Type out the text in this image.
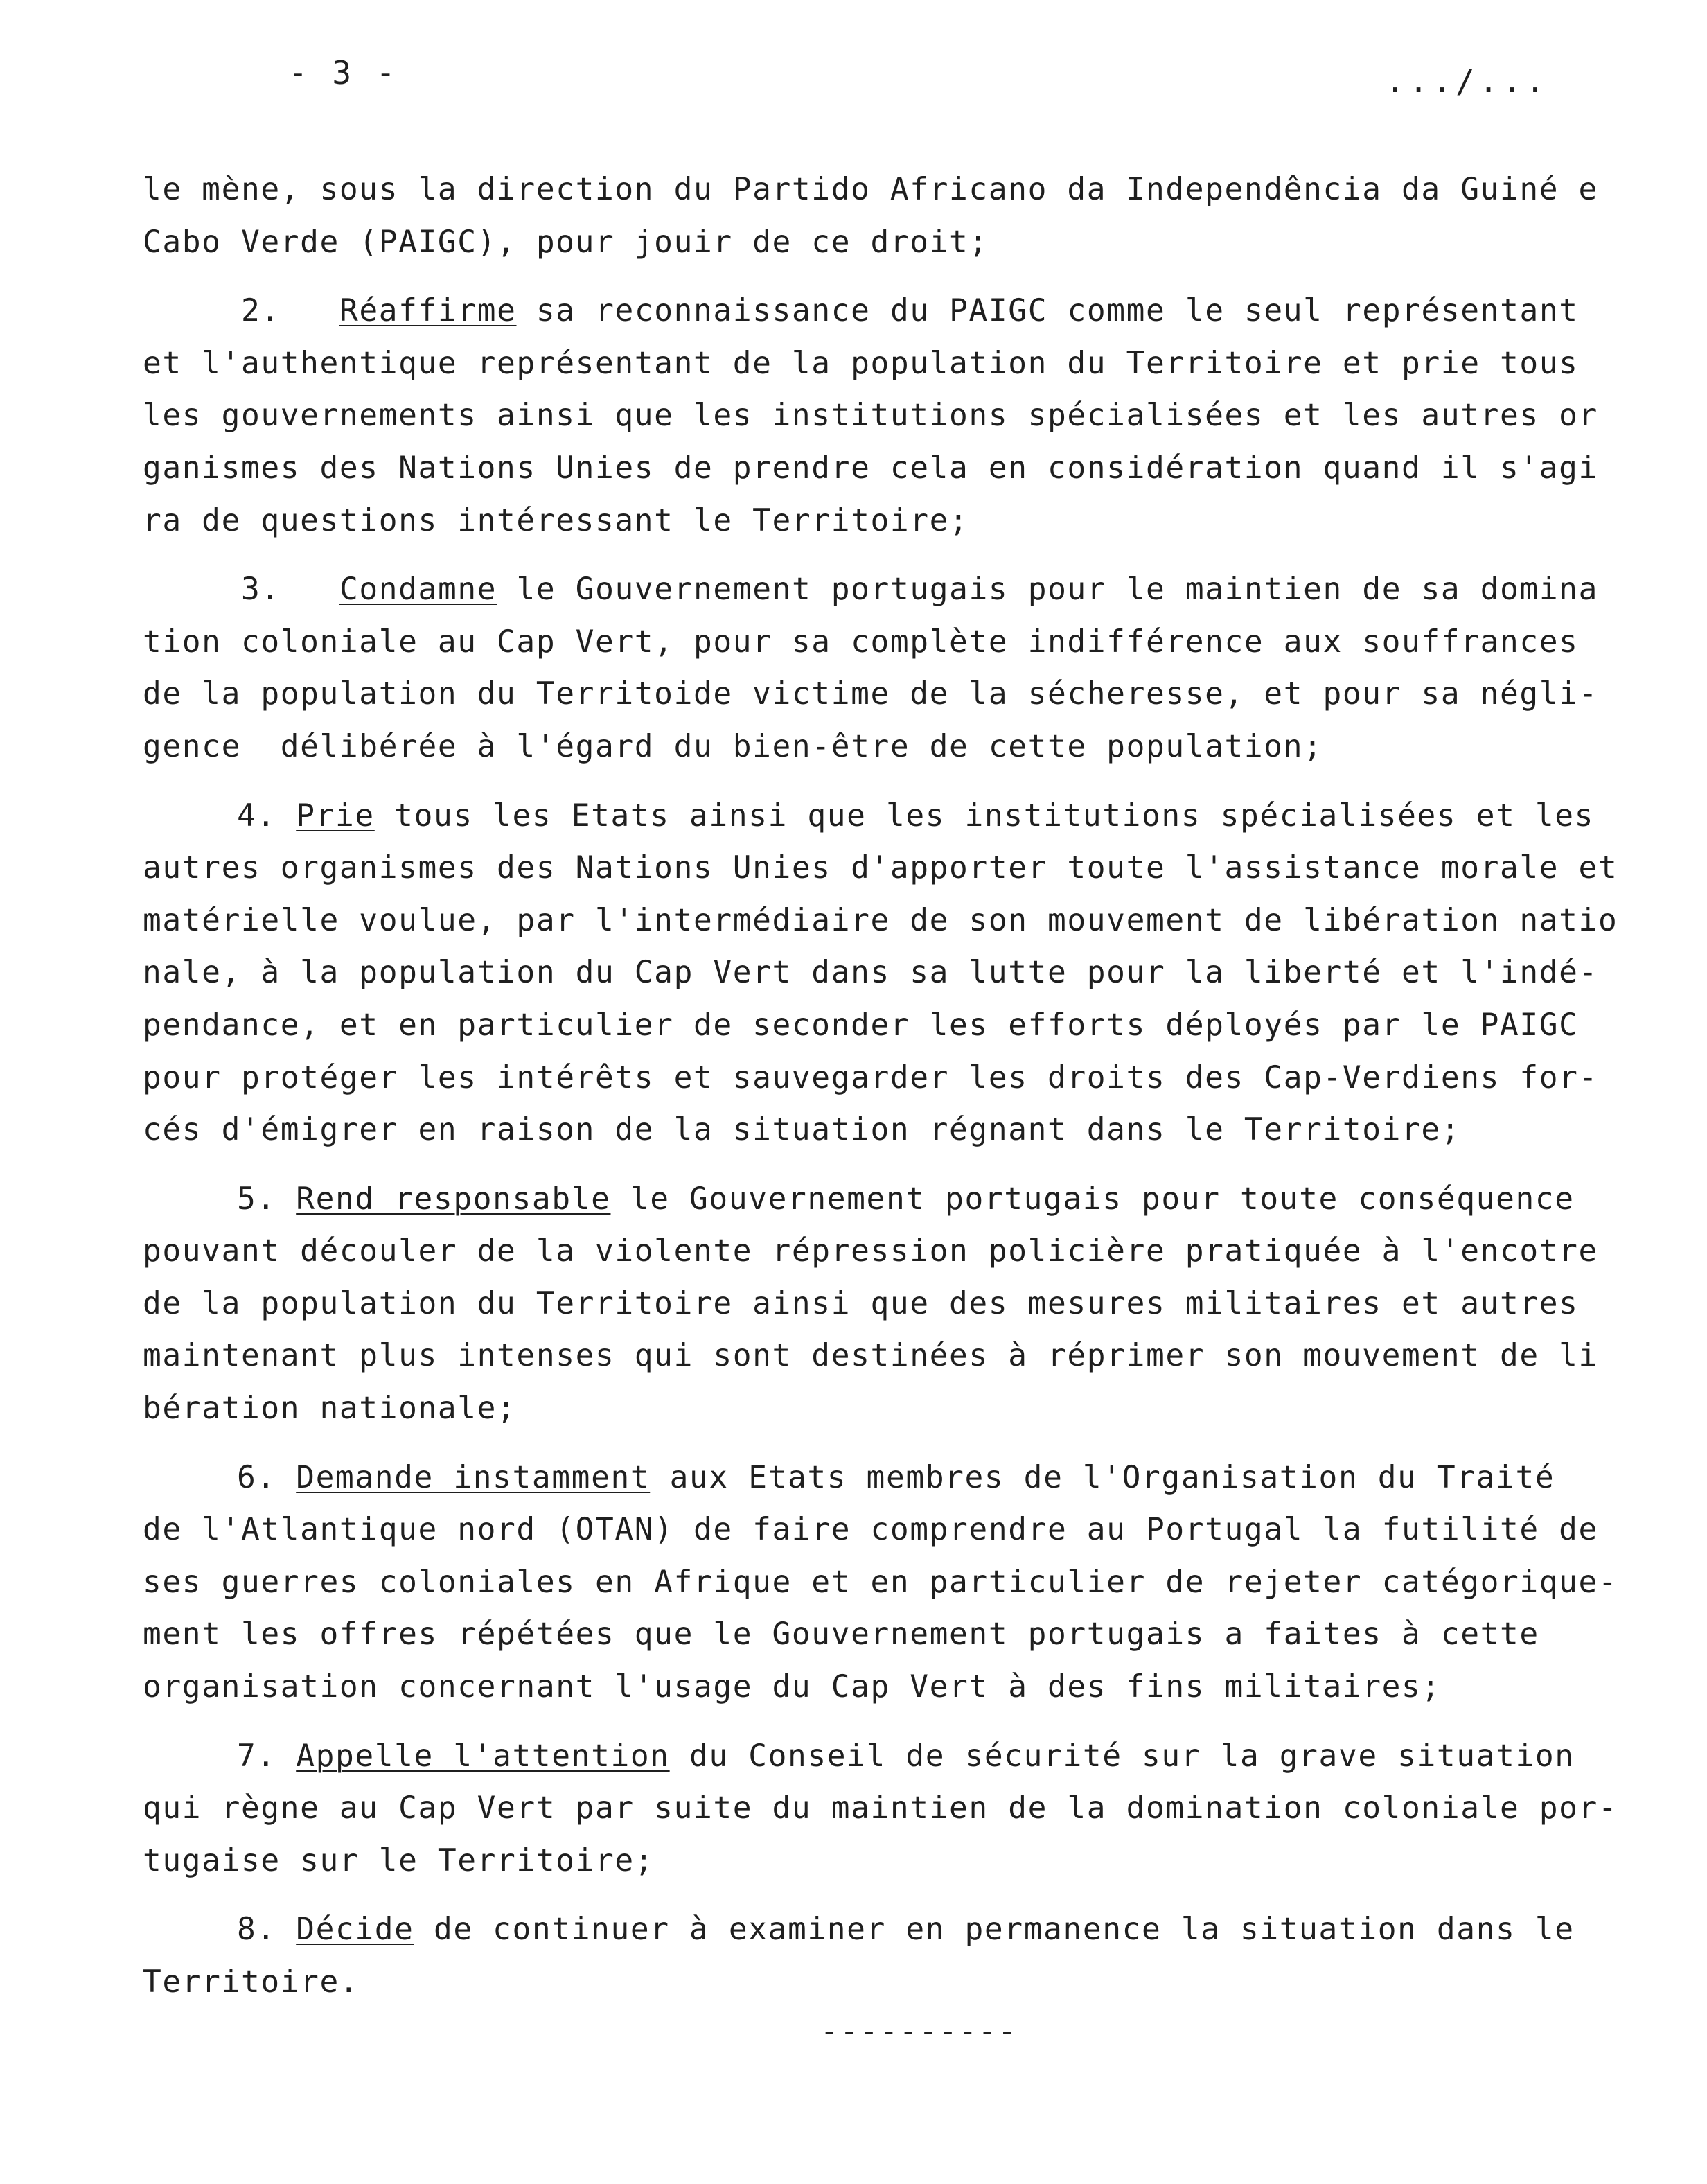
- 3 -	.../...
le mène, sous la direction du Partido Africano da Independência da Guiné e
Cabo Verde (PAIGC), pour jouir de ce droit;
2. Réaffirme sa reconnaissance du PAIGC comme le seul représentant
et l'authentique représentant de la population du Territoire et prie tous
les gouvernements ainsi que les institutions spécialisées et les autres or
ganismes des Nations Unies de prendre cela en considération quand il s'agi
ra de questions intéressant le Territoire;
3. Condamne le Gouvernement portugais pour le maintien de sa domina
tion coloniale au Cap Vert, pour sa complète indifférence aux souffrances
de la population du Territoide victime de la sécheresse, et pour sa négli-
gence  délibérée à l'égard du bien-être de cette population;
4. Prie tous les Etats ainsi que les institutions spécialisées et les
autres organismes des Nations Unies d'apporter toute l'assistance morale et
matérielle voulue, par l'intermédiaire de son mouvement de libération natio
nale, à la population du Cap Vert dans sa lutte pour la liberté et l'indé-
pendance, et en particulier de seconder les efforts déployés par le PAIGC
pour protéger les intérêts et sauvegarder les droits des Cap-Verdiens for-
cés d'émigrer en raison de la situation régnant dans le Territoire;
5. Rend responsable le Gouvernement portugais pour toute conséquence
pouvant découler de la violente répression policière pratiquée à l'encotre
de la population du Territoire ainsi que des mesures militaires et autres
maintenant plus intenses qui sont destinées à réprimer son mouvement de li
bération nationale;
6. Demande instamment aux Etats membres de l'Organisation du Traité
de l'Atlantique nord (OTAN) de faire comprendre au Portugal la futilité de
ses guerres coloniales en Afrique et en particulier de rejeter catégorique-
ment les offres répétées que le Gouvernement portugais a faites à cette
organisation concernant l'usage du Cap Vert à des fins militaires;
7. Appelle l'attention du Conseil de sécurité sur la grave situation
qui règne au Cap Vert par suite du maintien de la domination coloniale por-
tugaise sur le Territoire;
8. Décide de continuer à examiner en permanence la situation dans le
Territoire.
----------
